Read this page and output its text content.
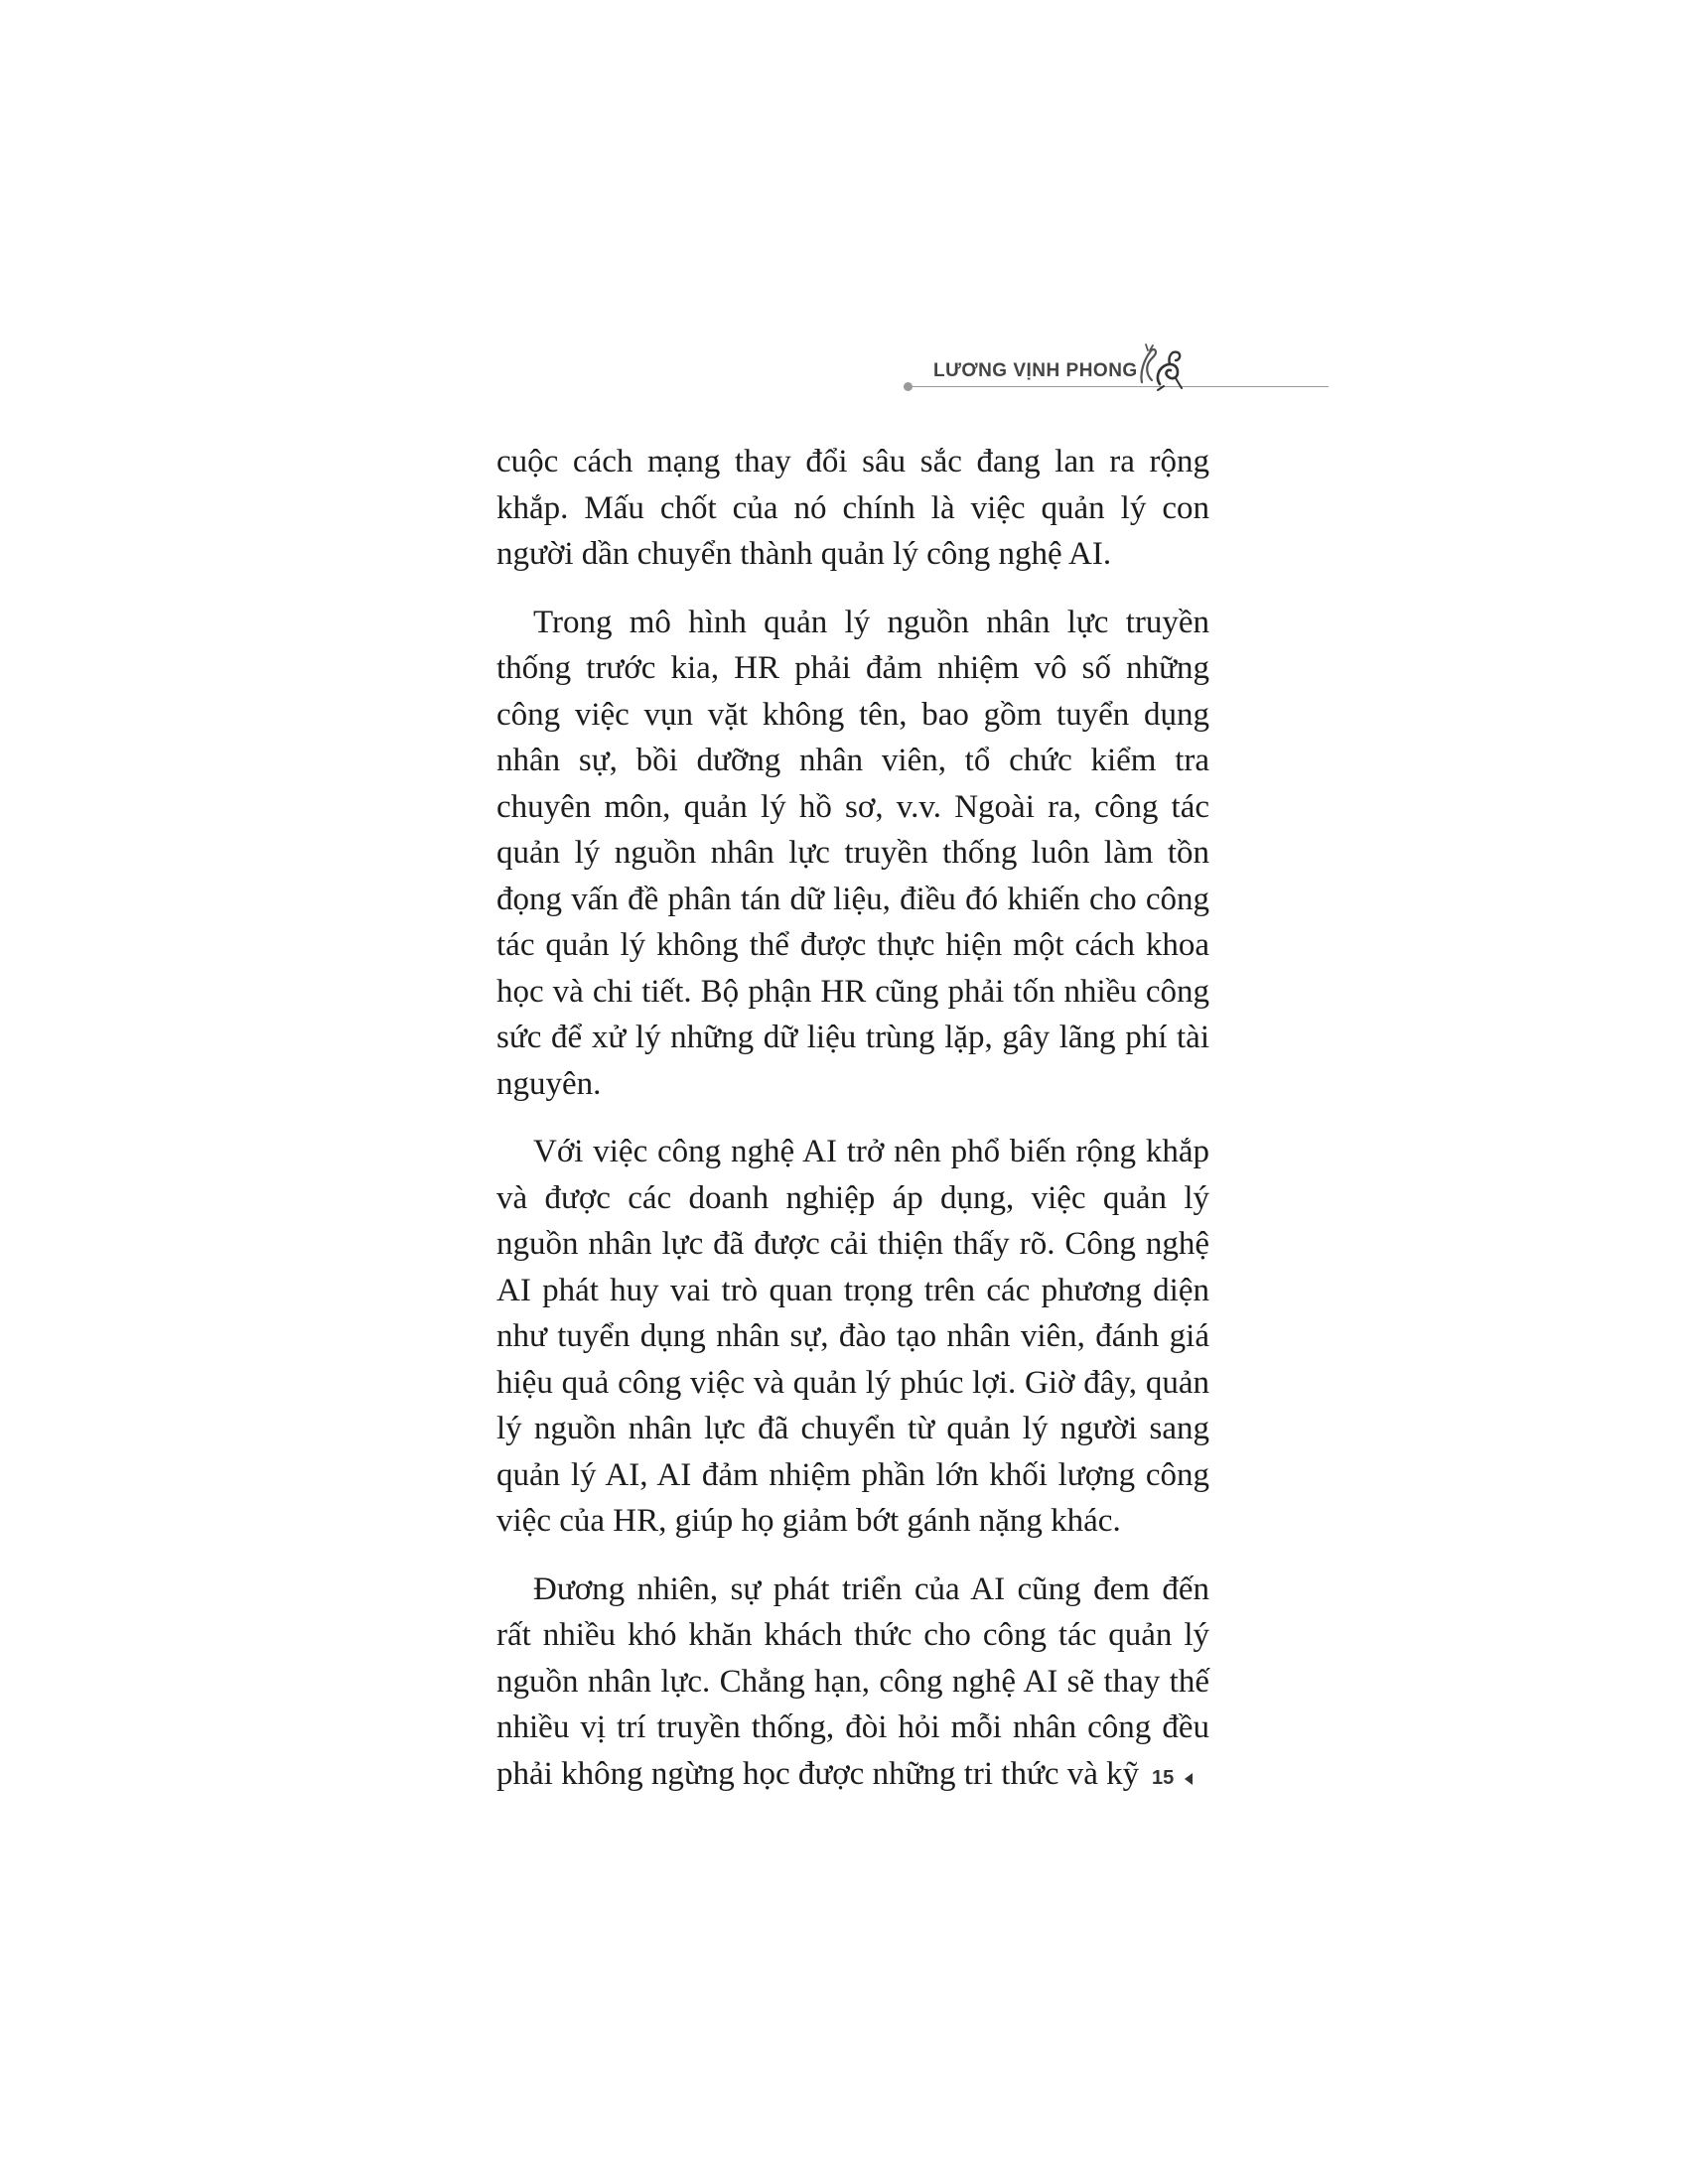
LƯƠNG VỊNH PHONG

cuộc cách mạng thay đổi sâu sắc đang lan ra rộng khắp. Mấu chốt của nó chính là việc quản lý con người dần chuyển thành quản lý công nghệ AI.

Trong mô hình quản lý nguồn nhân lực truyền thống trước kia, HR phải đảm nhiệm vô số những công việc vụn vặt không tên, bao gồm tuyển dụng nhân sự, bồi dưỡng nhân viên, tổ chức kiểm tra chuyên môn, quản lý hồ sơ, v.v. Ngoài ra, công tác quản lý nguồn nhân lực truyền thống luôn làm tồn đọng vấn đề phân tán dữ liệu, điều đó khiến cho công tác quản lý không thể được thực hiện một cách khoa học và chi tiết. Bộ phận HR cũng phải tốn nhiều công sức để xử lý những dữ liệu trùng lặp, gây lãng phí tài nguyên.

Với việc công nghệ AI trở nên phổ biến rộng khắp và được các doanh nghiệp áp dụng, việc quản lý nguồn nhân lực đã được cải thiện thấy rõ. Công nghệ AI phát huy vai trò quan trọng trên các phương diện như tuyển dụng nhân sự, đào tạo nhân viên, đánh giá hiệu quả công việc và quản lý phúc lợi. Giờ đây, quản lý nguồn nhân lực đã chuyển từ quản lý người sang quản lý AI, AI đảm nhiệm phần lớn khối lượng công việc của HR, giúp họ giảm bớt gánh nặng khác.

Đương nhiên, sự phát triển của AI cũng đem đến rất nhiều khó khăn khách thức cho công tác quản lý nguồn nhân lực. Chẳng hạn, công nghệ AI sẽ thay thế nhiều vị trí truyền thống, đòi hỏi mỗi nhân công đều phải không ngừng học được những tri thức và kỹ 15
